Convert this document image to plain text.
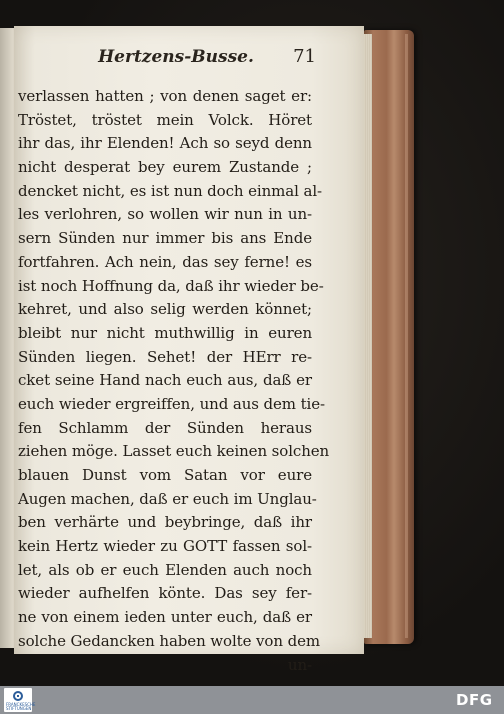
Hertzens-Busse.	71
verlassen hatten ; von denen saget er:
Tröstet, tröstet mein Volck. Höret
ihr das, ihr Elenden! Ach so seyd denn
nicht desperat bey eurem Zustande ;
dencket nicht, es ist nun doch einmal al-
les verlohren, so wollen wir nun in un-
sern Sünden nur immer bis ans Ende
fortfahren. Ach nein, das sey ferne! es
ist noch Hoffnung da, daß ihr wieder be-
kehret, und also selig werden könnet;
bleibt nur nicht muthwillig in euren
Sünden liegen. Sehet! der HErr re-
cket seine Hand nach euch aus, daß er
euch wieder ergreiffen, und aus dem tie-
fen Schlamm der Sünden heraus
ziehen möge. Lasset euch keinen solchen
blauen Dunst vom Satan vor eure
Augen machen, daß er euch im Unglau-
ben verhärte und beybringe, daß ihr
kein Hertz wieder zu GOTT fassen sol-
let, als ob er euch Elenden auch noch
wieder aufhelfen könte. Das sey fer-
ne von einem ieden unter euch, daß er
solche Gedancken haben wolte von dem
un-
FRANCKESCHE STIFTUNGEN	DFG
